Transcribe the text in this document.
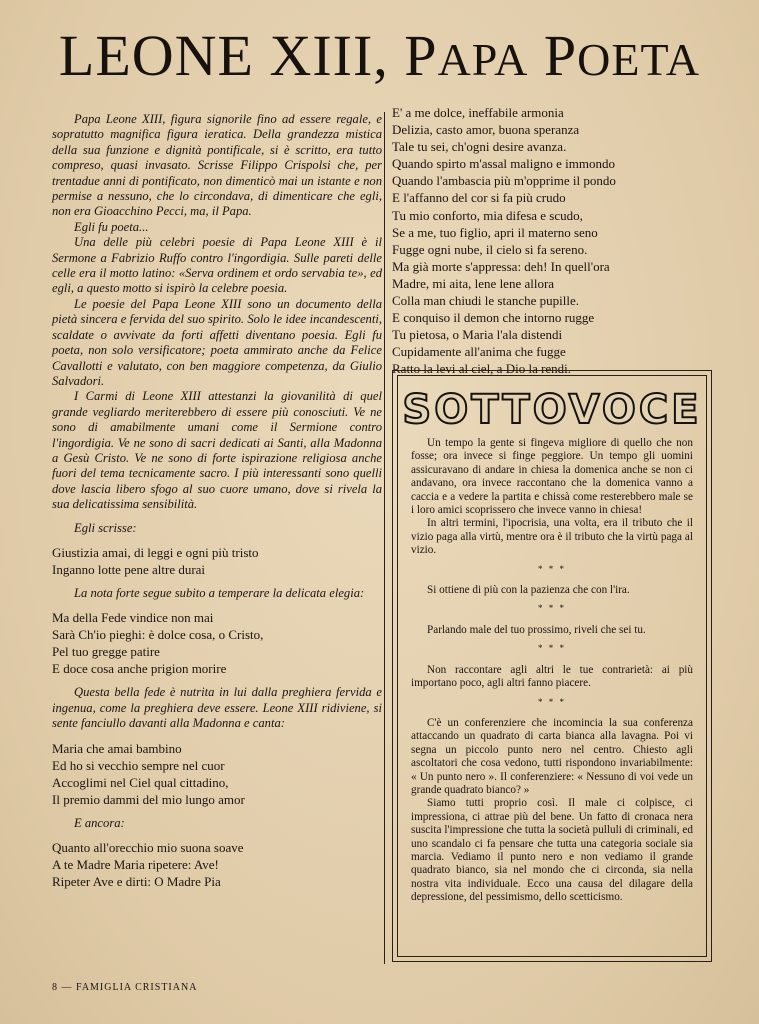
LEONE XIII, PAPA POETA

Papa Leone XIII, figura signorile fino ad essere regale, e sopratutto magnifica figura ieratica. Della grandezza mistica della sua funzione e dignità pontificale, si è scritto, era tutto compreso, quasi invasato. Scrisse Filippo Crispolsi che, per trentadue anni di pontificato, non dimenticò mai un istante e non permise a nessuno, che lo circondava, di dimenticare che egli, non era Gioacchino Pecci, ma, il Papa.

Egli fu poeta...

Una delle più celebri poesie di Papa Leone XIII è il Sermone a Fabrizio Ruffo contro l'ingordigia. Sulle pareti delle celle era il motto latino: «Serva ordinem et ordo servabia te», ed egli, a questo motto si ispirò la celebre poesia.

Le poesie del Papa Leone XIII sono un documento della pietà sincera e fervida del suo spirito. Solo le idee incandescenti, scaldate o avvivate da forti affetti diventano poesia. Egli fu poeta, non solo versificatore; poeta ammirato anche da Felice Cavallotti e valutato, con ben maggiore competenza, da Giulio Salvadori.

I Carmi di Leone XIII attestanzi la giovanilità di quel grande vegliardo meriterebbero di essere più conosciuti. Ve ne sono di amabilmente umani come il Sermione contro l'ingordigia. Ve ne sono di sacri dedicati ai Santi, alla Madonna a Gesù Cristo. Ve ne sono di forte ispirazione religiosa anche fuori del tema tecnicamente sacro. I più interessanti sono quelli dove lascia libero sfogo al suo cuore umano, dove si rivela la sua delicatissima sensibilità.

Egli scrisse:

Giustizia amai, di leggi e ogni più tristo
Inganno lotte pene altre durai

La nota forte segue subito a temperare la delicata elegia:

Ma della Fede vindice non mai
Sarà Ch'io pieghi: è dolce cosa, o Cristo,
Pel tuo gregge patire
E doce cosa anche prigion morire

Questa bella fede è nutrita in lui dalla preghiera fervida e ingenua, come la preghiera deve essere. Leone XIII ridiviene, si sente fanciullo davanti alla Madonna e canta:

Maria che amai bambino
Ed ho si vecchio sempre nel cuor
Accoglimi nel Ciel qual cittadino,
Il premio dammi del mio lungo amor

E ancora:

Quanto all'orecchio mio suona soave
A te Madre Maria ripetere: Ave!
Ripeter Ave e dirti: O Madre Pia
E' a me dolce, ineffabile armonia
Delizia, casto amor, buona speranza
Tale tu sei, ch'ogni desire avanza.
Quando spirto m'assal maligno e immondo
Quando l'ambascia più m'opprime il pondo
E l'affanno del cor si fa più crudo
Tu mio conforto, mia difesa e scudo,
Se a me, tuo figlio, apri il materno seno
Fugge ogni nube, il cielo si fa sereno.
Ma già morte s'appressa: deh! In quell'ora
Madre, mi aita, lene lene allora
Colla man chiudi le stanche pupille.
E conquiso il demon che intorno rugge
Tu pietosa, o Maria l'ala distendi
Cupidamente all'anima che fugge
Ratto la levi al ciel, a Dio la rendi.
SOTTOVOCE

Un tempo la gente si fingeva migliore di quello che non fosse; ora invece si finge peggiore. Un tempo gli uomini assicuravano di andare in chiesa la domenica anche se non ci andavano, ora invece raccontano che la domenica vanno a caccia e a vedere la partita e chissà come resterebbero male se i loro amici scoprissero che invece vanno in chiesa!

In altri termini, l'ipocrisia, una volta, era il tributo che il vizio paga alla virtù, mentre ora è il tributo che la virtù paga al vizio.

* * *

Si ottiene di più con la pazienza che con l'ira.

* * *

Parlando male del tuo prossimo, riveli che sei tu.

* * *

Non raccontare agli altri le tue contrarietà: ai più importano poco, agli altri fanno piacere.

* * *

C'è un conferenziere che incomincia la sua conferenza attaccando un quadrato di carta bianca alla lavagna. Poi vi segna un piccolo punto nero nel centro. Chiesto agli ascoltatori che cosa vedono, tutti rispondono invariabilmente: « Un punto nero ». Il conferenziere: « Nessuno di voi vede un grande quadrato bianco? »

Siamo tutti proprio così. Il male ci colpisce, ci impressiona, ci attrae più del bene. Un fatto di cronaca nera suscita l'impressione che tutta la società pulluli di criminali, ed uno scandalo ci fa pensare che tutta una categoria sociale sia marcia. Vediamo il punto nero e non vediamo il grande quadrato bianco, sia nel mondo che ci circonda, sia nella nostra vita individuale. Ecco una causa del dilagare della depressione, del pessimismo, dello scetticismo.

8 — FAMIGLIA CRISTIANA
